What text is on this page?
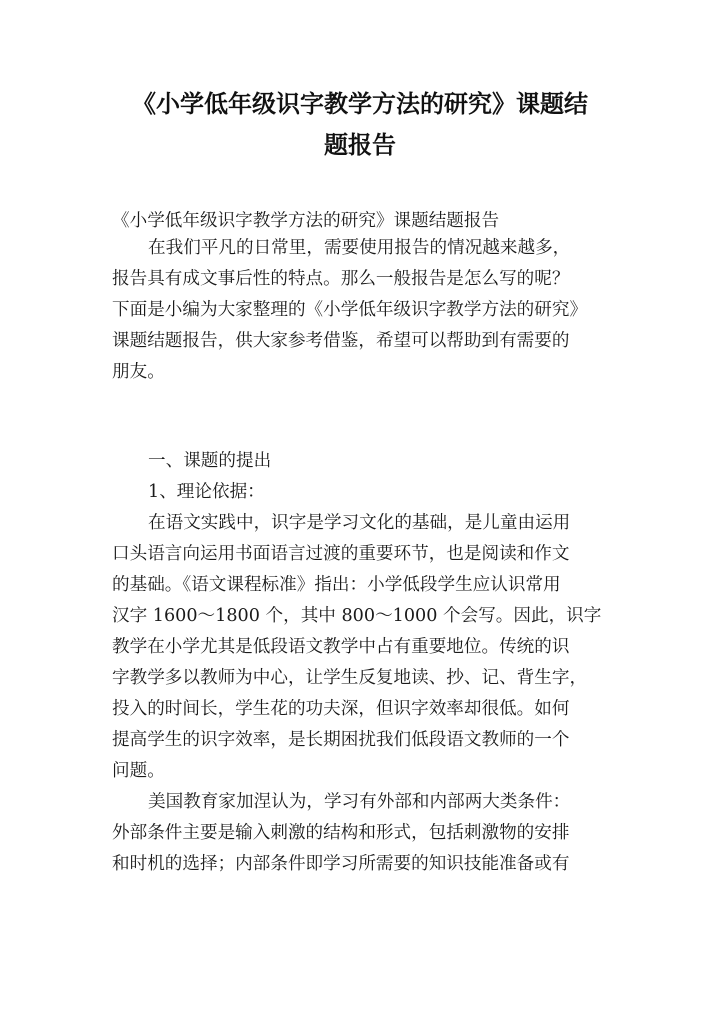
《小学低年级识字教学方法的研究》课题结
题报告
《小学低年级识字教学方法的研究》课题结题报告
在我们平凡的日常里，需要使用报告的情况越来越多，
报告具有成文事后性的特点。那么一般报告是怎么写的呢？
下面是小编为大家整理的《小学低年级识字教学方法的研究》
课题结题报告，供大家参考借鉴，希望可以帮助到有需要的
朋友。
一、课题的提出
1、理论依据：
在语文实践中，识字是学习文化的基础，是儿童由运用
口头语言向运用书面语言过渡的重要环节，也是阅读和作文
的基础。《语文课程标准》指出：小学低段学生应认识常用
汉字 1600～1800 个，其中 800～1000 个会写。因此，识字
教学在小学尤其是低段语文教学中占有重要地位。传统的识
字教学多以教师为中心，让学生反复地读、抄、记、背生字，
投入的时间长，学生花的功夫深，但识字效率却很低。如何
提高学生的识字效率，是长期困扰我们低段语文教师的一个
问题。
美国教育家加涅认为，学习有外部和内部两大类条件：
外部条件主要是输入刺激的结构和形式，包括刺激物的安排
和时机的选择；内部条件即学习所需要的知识技能准备或有
